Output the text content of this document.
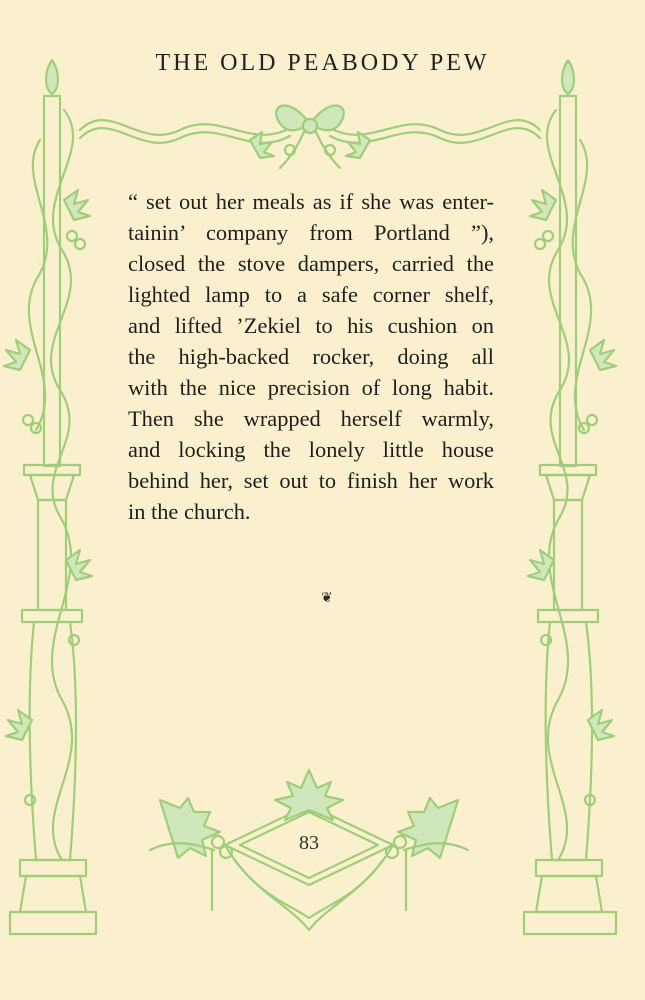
THE OLD PEABODY PEW
“ set out her meals as if she was enter-
tainin’ company from Portland ”),
closed the stove dampers, carried the
lighted lamp to a safe corner shelf,
and lifted ’Zekiel to his cushion on
the high-backed rocker, doing all
with the nice precision of long habit.
Then she wrapped herself warmly,
and locking the lonely little house
behind her, set out to finish her work
in the church.
❦
83
